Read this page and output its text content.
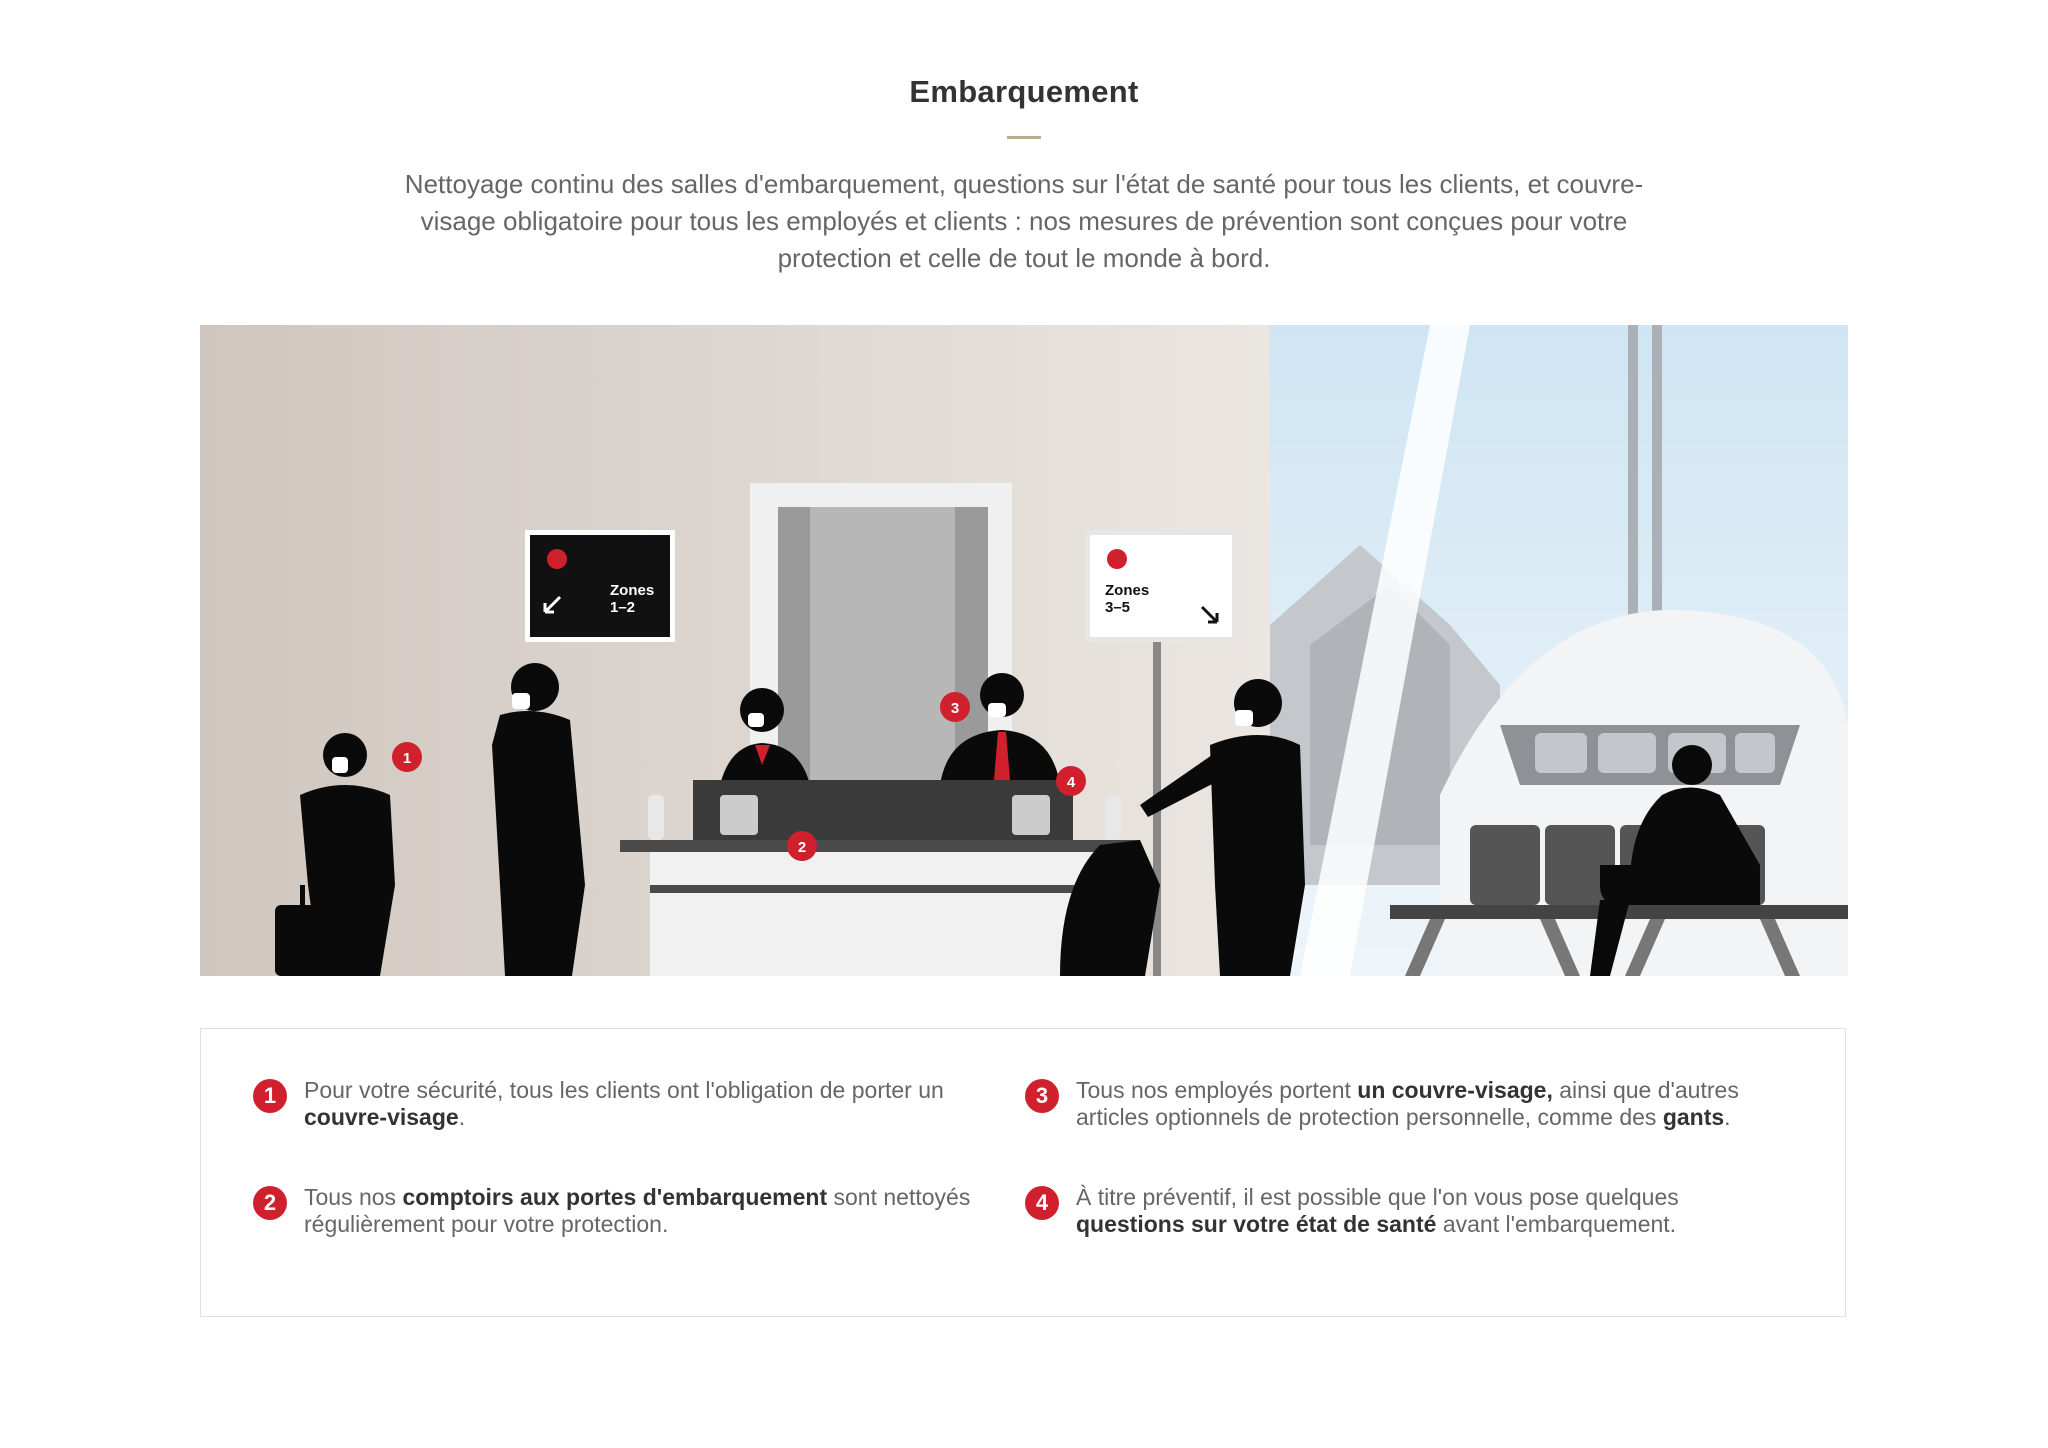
Embarquement
Nettoyage continu des salles d'embarquement, questions sur l'état de santé pour tous les clients, et couvre-visage obligatoire pour tous les employés et clients : nos mesures de prévention sont conçues pour votre protection et celle de tout le monde à bord.
Zones
1–2
Zones
3–5
1
2
3
4
1	Pour votre sécurité, tous les clients ont l'obligation de porter un couvre-visage.
2	Tous nos comptoirs aux portes d'embarquement sont nettoyés régulièrement pour votre protection.
3	Tous nos employés portent un couvre-visage, ainsi que d'autres articles optionnels de protection personnelle, comme des gants.
4	À titre préventif, il est possible que l'on vous pose quelques questions sur votre état de santé avant l'embarquement.
